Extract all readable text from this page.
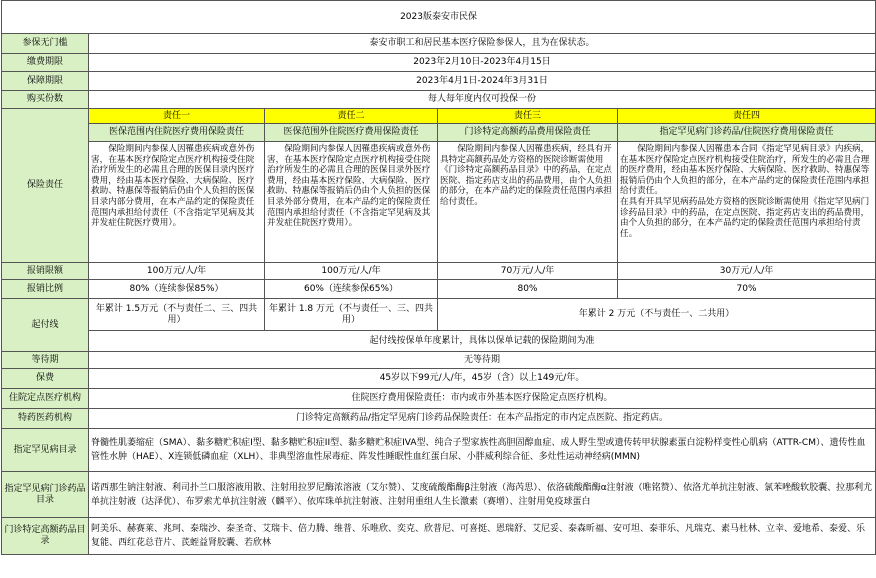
2023版泰安市民保				
参保无门槛	泰安市职工和居民基本医疗保险参保人，且为在保状态。			
缴费期限	2023年2月10日-2023年4月15日			
保障期限	2023年4月1日-2024年3月31日			
购买份数	每人每年度内仅可投保一份			
保险责任	责任一	责任二	责任三	责任四
	医保范围内住院医疗费用保险责任	医保范围外住院医疗费用保险责任	门诊特定高额药品费用保险责任	指定罕见病门诊药品/住院医疗费用保险责任
	保险期间内参保人因罹患疾病或意外伤害，在基本医疗保险定点医疗机构接受住院治疗所发生的必需且合理的医保目录内医疗费用，经由基本医疗保险、大病保险、医疗救助、特惠保等报销后仍由个人负担的医保目录内部分费用，在本产品约定的保险责任范围内承担给付责任（不含指定罕见病及其并发症住院医疗费用）。	保险期间内参保人因罹患疾病或意外伤害，在基本医疗保险定点医疗机构接受住院治疗所发生的必需且合理的医保目录外医疗费用，经由基本医疗保险、大病保险、医疗救助、特惠保等报销后仍由个人负担的医保目录外部分费用，在本产品约定的保险责任范围内承担给付责任（不含指定罕见病及其并发症住院医疗费用）。	保险期间内参保人因罹患疾病，经具有开具特定高额药品处方资格的医院诊断需使用《门诊特定高额药品目录》中的药品，在定点医院、指定药店支出的药品费用，由个人负担的部分，在本产品约定的保险责任范围内承担给付责任。	保险期间内参保人因罹患本合同《指定罕见病目录》内疾病，
在基本医疗保险定点医疗机构接受住院治疗，所发生的必需且合理的医疗费用，经由基本医疗保险、大病保险、医疗救助、特惠保等报销后仍由个人负担的部分，在本产品约定的保险责任范围内承担给付责任。
在具有开具罕见病药品处方资格的医院诊断需使用《指定罕见病门诊药品目录》中的药品，在定点医院、指定药店支出的药品费用，由个人负担的部分，在本产品约定的保险责任范围内承担给付责任。
报销限额	100万元/人/年	100万元/人/年	70万元/人/年	30万元/人/年
报销比例	80%（连续参保85%）	60%（连续参保65%）	80%	70%
起付线	年累计 1.5万元（不与责任二、三、四共用）	年累计 1.8 万元（不与责任一、三、四共用）	年累计 2 万元（不与责任一、二共用）	
	起付线按保单年度累计，具体以保单记载的保险期间为准			
等待期	无等待期			
保费	45岁以下99元/人/年，45岁（含）以上149元/年。			
住院定点医疗机构	住院医疗费用保险责任：市内或市外基本医疗保险定点医疗机构。			
特药医药机构	门诊特定高额药品/指定罕见病门诊药品保险责任：在本产品指定的市内定点医院、指定药店。			
指定罕见病目录	脊髓性肌萎缩症（SMA）、黏多糖贮积症I型、黏多糖贮积症II型、黏多糖贮积症IVA型、纯合子型家族性高胆固醇血症、成人野生型或遗传转甲状腺素蛋白淀粉样变性心肌病（ATTR-CM）、遗传性血管性水肿（HAE）、X连锁低磷血症（XLH）、非典型溶血性尿毒症、阵发性睡眠性血红蛋白尿、小胖威利综合征、多灶性运动神经病(MMN)			
指定罕见病门诊药品目录	诺西那生钠注射液、利司扑兰口服溶液用散、注射用拉罗尼酶浓溶液（艾尔赞）、艾度硫酸酯酶β注射液（海芮思）、依洛硫酸酯酶α注射液（唯铭赞）、依洛尤单抗注射液、氯苯唑酸软胶囊、拉那利尤单抗注射液（达泽优）、布罗索尤单抗注射液（麟平）、依库珠单抗注射液、注射用重组人生长激素（赛增）、注射用免疫球蛋白			
门诊特定高额药品目录	阿美乐、赫赛莱、兆珂、泰瑞沙、泰圣奇、艾瑞卡、倍力腾、维普、乐唯欣、奕克、欣普尼、可喜挺、恩瑞舒、艾尼妥、泰森昕福、安可坦、泰菲乐、凡瑞克、素马杜林、立幸、爱地希、泰爱、乐复能、西红花总苷片、芪蛭益肾胶囊、若欣林			
